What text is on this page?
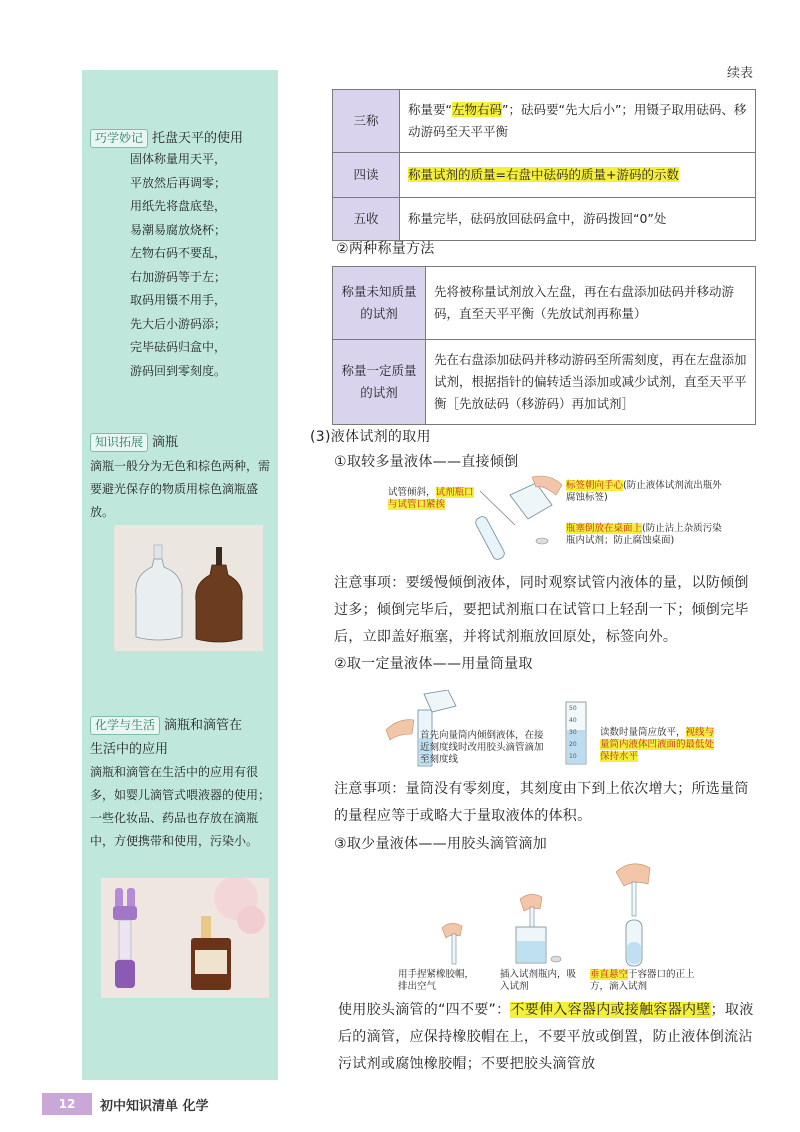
巧学妙记 托盘天平的使用
固体称量用天平，
平放然后再调零；
用纸先将盘底垫，
易潮易腐放烧杯；
左物右码不要乱，
右加游码等于左；
取码用镊不用手，
先大后小游码添；
完毕砝码归盒中，
游码回到零刻度。
知识拓展 滴瓶
滴瓶一般分为无色和棕色两种，需要避光保存的物质用棕色滴瓶盛放。
化学与生活 滴瓶和滴管在
生活中的应用
滴瓶和滴管在生活中的应用有很多，如婴儿滴管式喂液器的使用；一些化妆品、药品也存放在滴瓶中，方便携带和使用，污染小。
续表
三称	称量要“左物右码”；砝码要“先大后小”；用镊子取用砝码、移动游码至天平平衡
四读	称量试剂的质量=右盘中砝码的质量+游码的示数
五收	称量完毕，砝码放回砝码盒中，游码拨回“0”处
②两种称量方法
称量未知质量的试剂	先将被称量试剂放入左盘，再在右盘添加砝码并移动游码，直至天平平衡（先放试剂再称量）
称量一定质量的试剂	先在右盘添加砝码并移动游码至所需刻度，再在左盘添加试剂，根据指针的偏转适当添加或减少试剂，直至天平平衡［先放砝码（移游码）再加试剂］
(3)液体试剂的取用
①取较多量液体——直接倾倒
试管倾斜，试剂瓶口与试管口紧挨
标签朝向手心(防止液体试剂流出瓶外腐蚀标签)
瓶塞倒放在桌面上(防止沾上杂质污染瓶内试剂；防止腐蚀桌面)
注意事项：要缓慢倾倒液体，同时观察试管内液体的量，以防倾倒过多；倾倒完毕后，要把试剂瓶口在试管口上轻刮一下；倾倒完毕后，立即盖好瓶塞，并将试剂瓶放回原处，标签向外。
②取一定量液体——用量筒量取
首先向量筒内倾倒液体，在接近刻度线时改用胶头滴管滴加至刻度线
50
40
30
20
10
读数时量筒应放平，视线与量筒内液体凹液面的最低处保持水平
注意事项：量筒没有零刻度，其刻度由下到上依次增大；所选量筒的量程应等于或略大于量取液体的体积。
③取少量液体——用胶头滴管滴加
用手捏紧橡胶帽，排出空气
插入试剂瓶内，吸入试剂
垂直悬空于容器口的正上方，滴入试剂
使用胶头滴管的“四不要”：不要伸入容器内或接触容器内壁；取液后的滴管，应保持橡胶帽在上，不要平放或倒置，防止液体倒流沾污试剂或腐蚀橡胶帽；不要把胶头滴管放
12	初中知识清单 化学
